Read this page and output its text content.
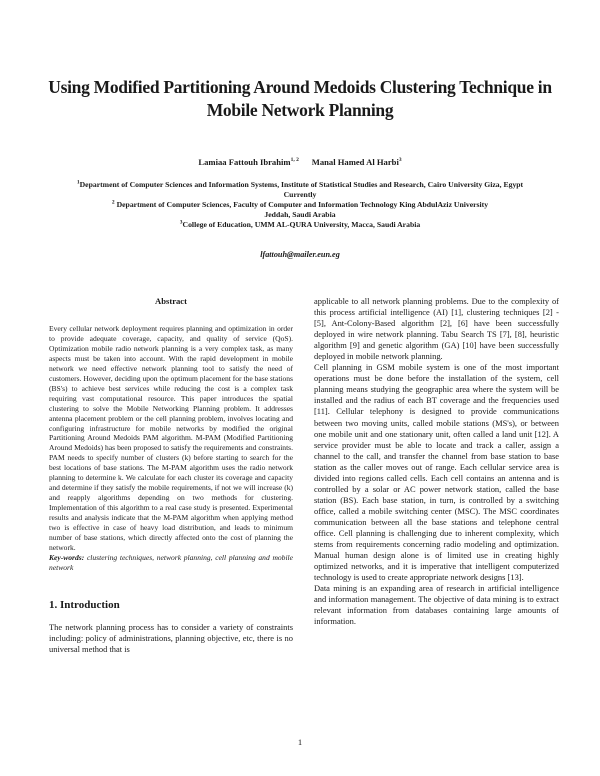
Using Modified Partitioning Around Medoids Clustering Technique in Mobile Network Planning
Lamiaa Fattouh Ibrahim$^{1, 2}$ Manal Hamed Al Harbi$^3$

$^1$Department of Computer Sciences and Information Systems, Institute of Statistical Studies and Research, Cairo University Giza, Egypt

Currently

$^2$ Department of Computer Sciences, Faculty of Computer and Information Technology King AbdulAziz University

Jeddah, Saudi Arabia

$^3$College of Education, UMM AL-QURA University, Macca, Saudi Arabia

lfattouh@mailer.eun.eg

Abstract

Every cellular network deployment requires planning and optimization in order to provide adequate coverage, capacity, and quality of service (QoS). Optimization mobile radio network planning is a very complex task, as many aspects must be taken into account. With the rapid development in mobile network we need effective network planning tool to satisfy the need of customers. However, deciding upon the optimum placement for the base stations (BS's) to achieve best services while reducing the cost is a complex task requiring vast computational resource. This paper introduces the spatial clustering to solve the Mobile Networking Planning problem. It addresses antenna placement problem or the cell planning problem, involves locating and configuring infrastructure for mobile networks by modified the original Partitioning Around Medoids PAM algorithm. M-PAM (Modified Partitioning Around Medoids) has been proposed to satisfy the requirements and constraints. PAM needs to specify number of clusters (k) before starting to search for the best locations of base stations. The M-PAM algorithm uses the radio network planning to determine k. We calculate for each cluster its coverage and capacity and determine if they satisfy the mobile requirements, if not we will increase (k) and reapply algorithms depending on two methods for clustering. Implementation of this algorithm to a real case study is presented. Experimental results and analysis indicate that the M-PAM algorithm when applying method two is effective in case of heavy load distribution, and leads to minimum number of base stations, which directly affected onto the cost of planning the network.

Key-words: clustering techniques, network planning, cell planning and mobile network

1. Introduction

The network planning process has to consider a variety of constraints including: policy of administrations, planning objective, etc, there is no universal method that is

applicable to all network planning problems. Due to the complexity of this process artificial intelligence (AI) [1], clustering techniques [2] - [5], Ant-Colony-Based algorithm [2], [6] have been successfully deployed in wire network planning. Tabu Search TS [7], [8], heuristic algorithm [9] and genetic algorithm (GA) [10] have been successfully deployed in mobile network planning.

Cell planning in GSM mobile system is one of the most important operations must be done before the installation of the system, cell planning means studying the geographic area where the system will be installed and the radius of each BT coverage and the frequencies used [11]. Cellular telephony is designed to provide communications between two moving units, called mobile stations (MS's), or between one mobile unit and one stationary unit, often called a land unit [12]. A service provider must be able to locate and track a caller, assign a channel to the call, and transfer the channel from base station to base station as the caller moves out of range. Each cellular service area is divided into regions called cells. Each cell contains an antenna and is controlled by a solar or AC power network station, called the base station (BS). Each base station, in turn, is controlled by a switching office, called a mobile switching center (MSC). The MSC coordinates communication between all the base stations and telephone central office. Cell planning is challenging due to inherent complexity, which stems from requirements concerning radio modeling and optimization. Manual human design alone is of limited use in creating highly optimized networks, and it is imperative that intelligent computerized technology is used to create appropriate network designs [13].

Data mining is an expanding area of research in artificial intelligence and information management. The objective of data mining is to extract relevant information from databases containing large amounts of information.

1
